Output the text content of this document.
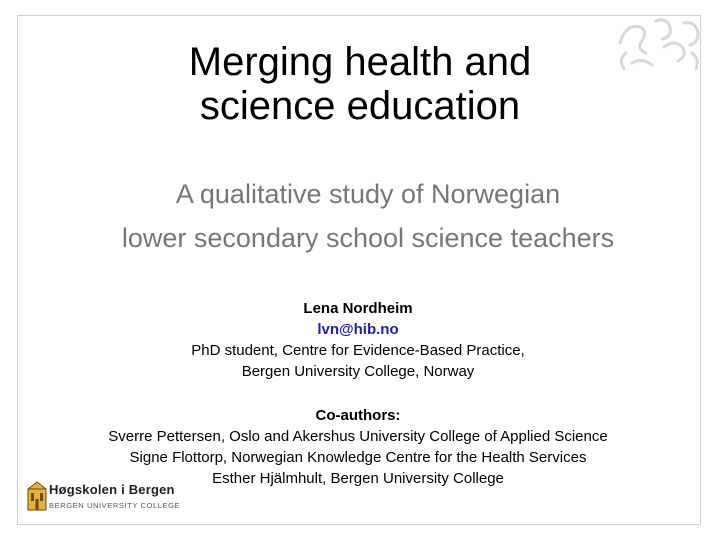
Merging health and
science education
A qualitative study of Norwegian
lower secondary school science teachers
Lena Nordheim
lvn@hib.no
PhD student, Centre for Evidence-Based Practice,
Bergen University College, Norway
Co-authors:
Sverre Pettersen, Oslo and Akershus University College of Applied Science
Signe Flottorp, Norwegian Knowledge Centre for the Health Services
Esther Hjälmhult, Bergen University College
Høgskolen i Bergen
BERGEN UNIVERSITY COLLEGE
